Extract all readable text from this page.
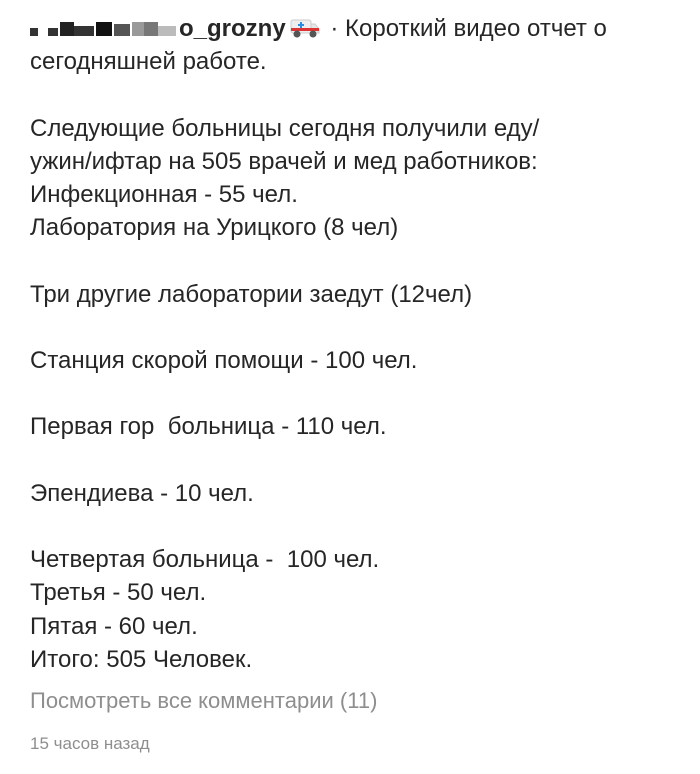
o_grozny · Короткий видео отчет о
сегодняшней работе.

Следующие больницы сегодня получили еду/
ужин/ифтар на 505 врачей и мед работников:
Инфекционная - 55 чел.
Лаборатория на Урицкого (8 чел)

Три другие лаборатории заедут (12чел)

Станция скорой помощи - 100 чел.

Первая гор  больница - 110 чел.

Эпендиева - 10 чел.

Четвертая больница -  100 чел.
Третья - 50 чел.
Пятая - 60 чел.
Итого: 505 Человек.
Посмотреть все комментарии (11)
15 часов назад
